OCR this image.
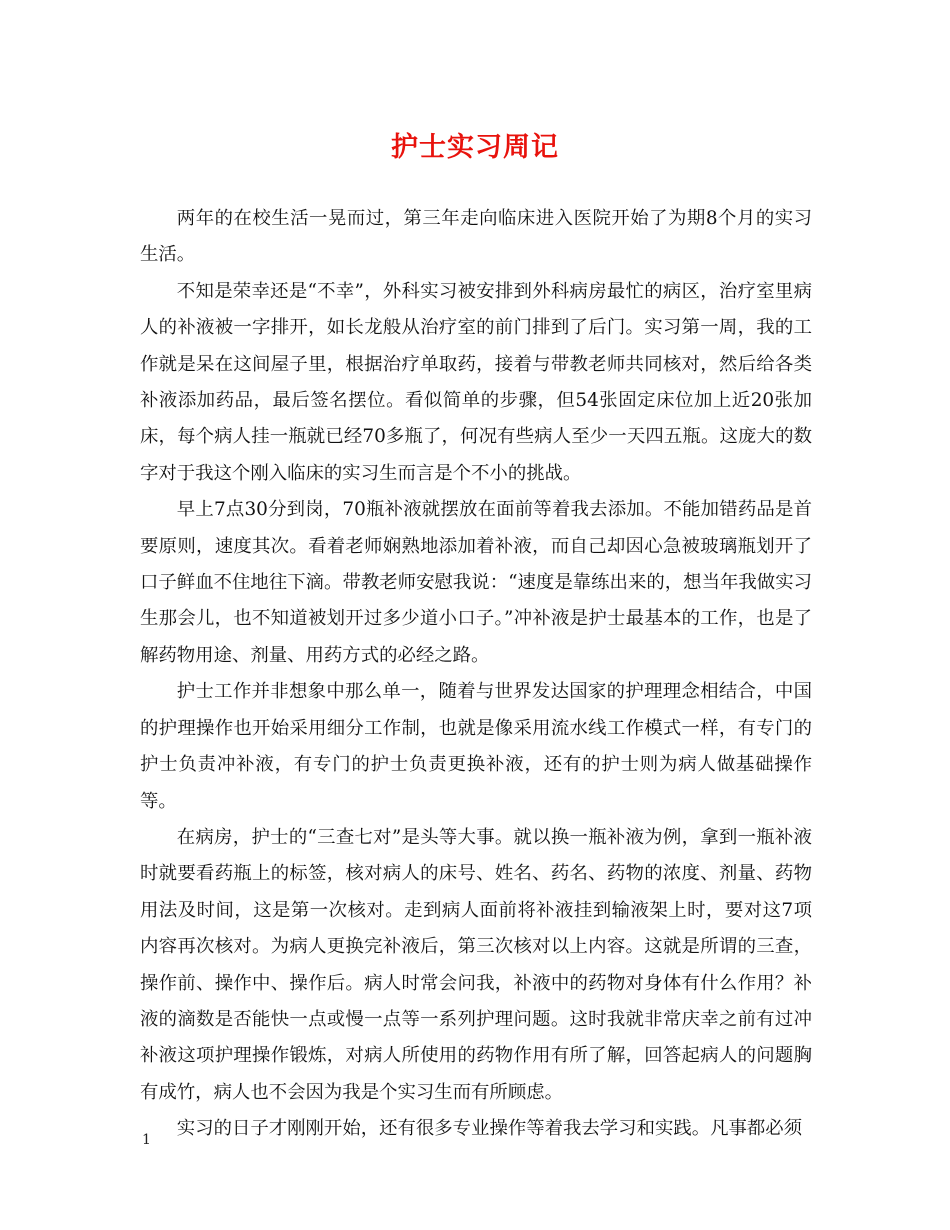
护士实习周记

两年的在校生活一晃而过，第三年走向临床进入医院开始了为期8个月的实习生活。

不知是荣幸还是“不幸”，外科实习被安排到外科病房最忙的病区，治疗室里病人的补液被一字排开，如长龙般从治疗室的前门排到了后门。实习第一周，我的工作就是呆在这间屋子里，根据治疗单取药，接着与带教老师共同核对，然后给各类补液添加药品，最后签名摆位。看似简单的步骤，但54张固定床位加上近20张加床，每个病人挂一瓶就已经70多瓶了，何况有些病人至少一天四五瓶。这庞大的数字对于我这个刚入临床的实习生而言是个不小的挑战。

早上7点30分到岗，70瓶补液就摆放在面前等着我去添加。不能加错药品是首要原则，速度其次。看着老师娴熟地添加着补液，而自己却因心急被玻璃瓶划开了口子鲜血不住地往下滴。带教老师安慰我说：“速度是靠练出来的，想当年我做实习生那会儿，也不知道被划开过多少道小口子。”冲补液是护士最基本的工作，也是了解药物用途、剂量、用药方式的必经之路。

护士工作并非想象中那么单一，随着与世界发达国家的护理理念相结合，中国的护理操作也开始采用细分工作制，也就是像采用流水线工作模式一样，有专门的护士负责冲补液，有专门的护士负责更换补液，还有的护士则为病人做基础操作等。

在病房，护士的“三查七对”是头等大事。就以换一瓶补液为例，拿到一瓶补液时就要看药瓶上的标签，核对病人的床号、姓名、药名、药物的浓度、剂量、药物用法及时间，这是第一次核对。走到病人面前将补液挂到输液架上时，要对这7项内容再次核对。为病人更换完补液后，第三次核对以上内容。这就是所谓的三查，操作前、操作中、操作后。病人时常会问我，补液中的药物对身体有什么作用？补液的滴数是否能快一点或慢一点等一系列护理问题。这时我就非常庆幸之前有过冲补液这项护理操作锻炼，对病人所使用的药物作用有所了解，回答起病人的问题胸有成竹，病人也不会因为我是个实习生而有所顾虑。

实习的日子才刚刚开始，还有很多专业操作等着我去学习和实践。凡事都必须

1
